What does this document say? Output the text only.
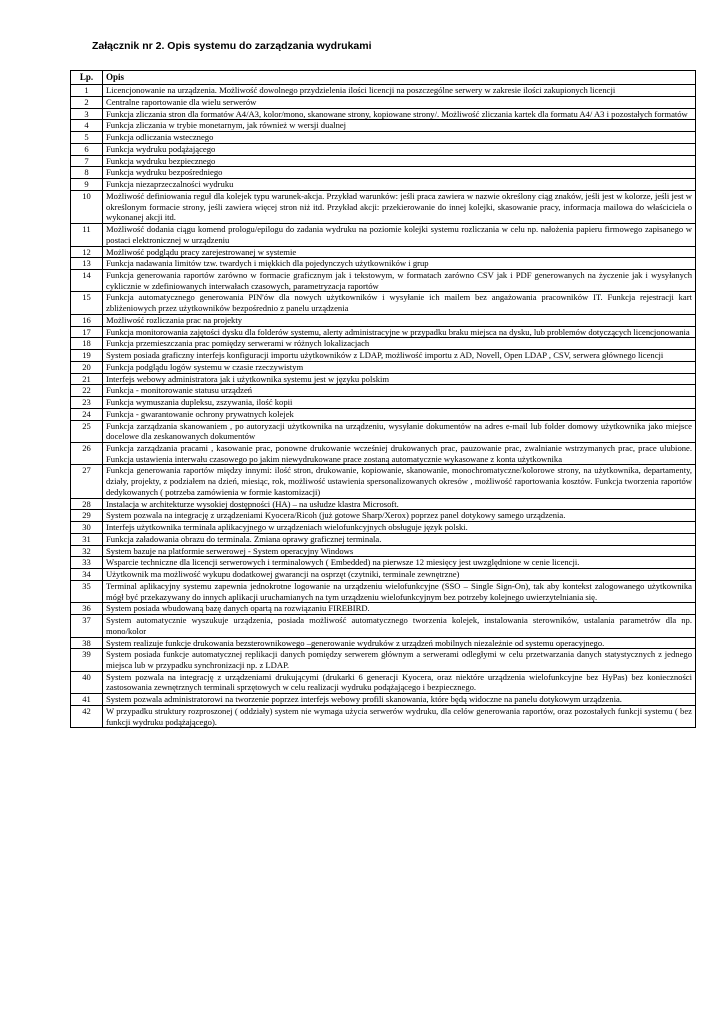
Załącznik nr 2. Opis systemu do zarządzania wydrukami
Lp.	Opis
1	Licencjonowanie na urządzenia. Możliwość dowolnego przydzielenia ilości licencji na poszczególne serwery w zakresie ilości zakupionych licencji
2	Centralne raportowanie dla wielu serwerów
3	Funkcja zliczania stron dla formatów A4/A3, kolor/mono, skanowane strony, kopiowane strony/. Możliwość zliczania kartek dla formatu A4/ A3 i pozostałych formatów
4	Funkcja zliczania w trybie monetarnym, jak również w wersji dualnej
5	Funkcja odliczania wstecznego
6	Funkcja wydruku podążającego
7	Funkcja wydruku bezpiecznego
8	Funkcja wydruku bezpośredniego
9	Funkcja niezaprzeczalności wydruku
10	Możliwość definiowania reguł dla kolejek typu warunek-akcja. Przykład warunków: jeśli praca zawiera w nazwie określony ciąg znaków, jeśli jest w kolorze, jeśli jest w określonym formacie strony, jeśli zawiera więcej stron niż itd. Przykład akcji: przekierowanie do innej kolejki, skasowanie pracy, informacja mailowa do właściciela o wykonanej akcji itd.
11	Możliwość dodania ciągu komend prologu/epilogu do zadania wydruku na poziomie kolejki systemu rozliczania w celu np. nałożenia papieru firmowego zapisanego w postaci elektronicznej w urządzeniu
12	Możliwość podglądu pracy zarejestrowanej w systemie
13	Funkcja nadawania limitów tzw. twardych i miękkich dla pojedynczych użytkowników i grup
14	Funkcja generowania raportów zarówno w formacie graficznym jak i tekstowym, w formatach zarówno CSV jak i PDF generowanych na życzenie jak i wysyłanych cyklicznie w zdefiniowanych interwałach czasowych, parametryzacja raportów
15	Funkcja automatycznego generowania PIN'ów dla nowych użytkowników i wysyłanie ich mailem bez angażowania pracowników IT. Funkcja rejestracji kart zbliżeniowych przez użytkowników bezpośrednio z panelu urządzenia
16	Możliwość rozliczania prac na projekty
17	Funkcja monitorowania zajętości dysku dla folderów systemu, alerty administracyjne w przypadku braku miejsca na dysku, lub problemów dotyczących licencjonowania
18	Funkcja przemieszczania prac pomiędzy serwerami w różnych lokalizacjach
19	System posiada graficzny interfejs konfiguracji importu użytkowników z LDAP, możliwość importu z AD, Novell, Open LDAP , CSV, serwera głównego licencji
20	Funkcja podglądu logów systemu w czasie rzeczywistym
21	Interfejs webowy administratora jak i użytkownika systemu jest w języku polskim
22	Funkcja - monitorowanie statusu urządzeń
23	Funkcja wymuszania dupleksu, zszywania, ilość kopii
24	Funkcja - gwarantowanie ochrony prywatnych kolejek
25	Funkcja zarządzania skanowaniem , po autoryzacji użytkownika na urządzeniu, wysyłanie dokumentów na adres e-mail lub folder domowy użytkownika jako miejsce docelowe dla zeskanowanych dokumentów
26	Funkcja zarządzania pracami , kasowanie prac, ponowne drukowanie wcześniej drukowanych prac, pauzowanie prac, zwalnianie wstrzymanych prac, prace ulubione. Funkcja ustawienia interwału czasowego po jakim niewydrukowane prace zostaną automatycznie wykasowane z konta użytkownika
27	Funkcja generowania raportów między innymi: ilość stron, drukowanie, kopiowanie, skanowanie, monochromatyczne/kolorowe strony, na użytkownika, departamenty, działy, projekty, z podziałem na dzień, miesiąc, rok, możliwość ustawienia spersonalizowanych okresów , możliwość raportowania kosztów. Funkcja tworzenia raportów dedykowanych ( potrzeba zamówienia w formie kastomizacji)
28	Instalacja w architekturze wysokiej dostępności (HA) – na usłudze klastra Microsoft.
29	System pozwala na integrację z urządzeniami Kyocera/Ricoh (już gotowe Sharp/Xerox) poprzez panel dotykowy samego urządzenia.
30	Interfejs użytkownika terminala aplikacyjnego w urządzeniach wielofunkcyjnych obsługuje język polski.
31	Funkcja załadowania obrazu do terminala. Zmiana oprawy graficznej terminala.
32	System bazuje na platformie serwerowej - System operacyjny Windows
33	Wsparcie techniczne dla licencji serwerowych i terminalowych ( Embedded) na pierwsze 12 miesięcy jest uwzględnione w cenie licencji.
34	Użytkownik ma możliwość wykupu dodatkowej gwarancji na osprzęt (czytniki, terminale zewnętrzne)
35	Terminal aplikacyjny systemu zapewnia jednokrotne logowanie na urządzeniu wielofunkcyjne (SSO – Single Sign-On), tak aby kontekst zalogowanego użytkownika mógł być przekazywany do innych aplikacji uruchamianych na tym urządzeniu wielofunkcyjnym bez potrzeby kolejnego uwierzytelniania się.
36	System posiada wbudowaną bazę danych opartą na rozwiązaniu FIREBIRD.
37	System automatycznie wyszukuje urządzenia, posiada możliwość automatycznego tworzenia kolejek, instalowania sterowników, ustalania parametrów dla np. mono/kolor
38	System realizuje funkcje drukowania bezsterownikowego –generowanie wydruków z urządzeń mobilnych niezależnie od systemu operacyjnego.
39	System posiada funkcje automatycznej replikacji danych pomiędzy serwerem głównym a serwerami odległymi w celu przetwarzania danych statystycznych z jednego miejsca lub w przypadku synchronizacji np. z LDAP.
40	System pozwala na integrację z urządzeniami drukującymi (drukarki 6 generacji Kyocera, oraz niektóre urządzenia wielofunkcyjne bez HyPas) bez konieczności zastosowania zewnętrznych terminali sprzętowych w celu realizacji wydruku podążającego i bezpiecznego.
41	System pozwala administratorowi na tworzenie poprzez interfejs webowy profili skanowania, które będą widoczne na panelu dotykowym urządzenia.
42	W przypadku struktury rozproszonej ( oddziały) system nie wymaga użycia serwerów wydruku, dla celów generowania raportów, oraz pozostałych funkcji systemu ( bez funkcji wydruku podążającego).
